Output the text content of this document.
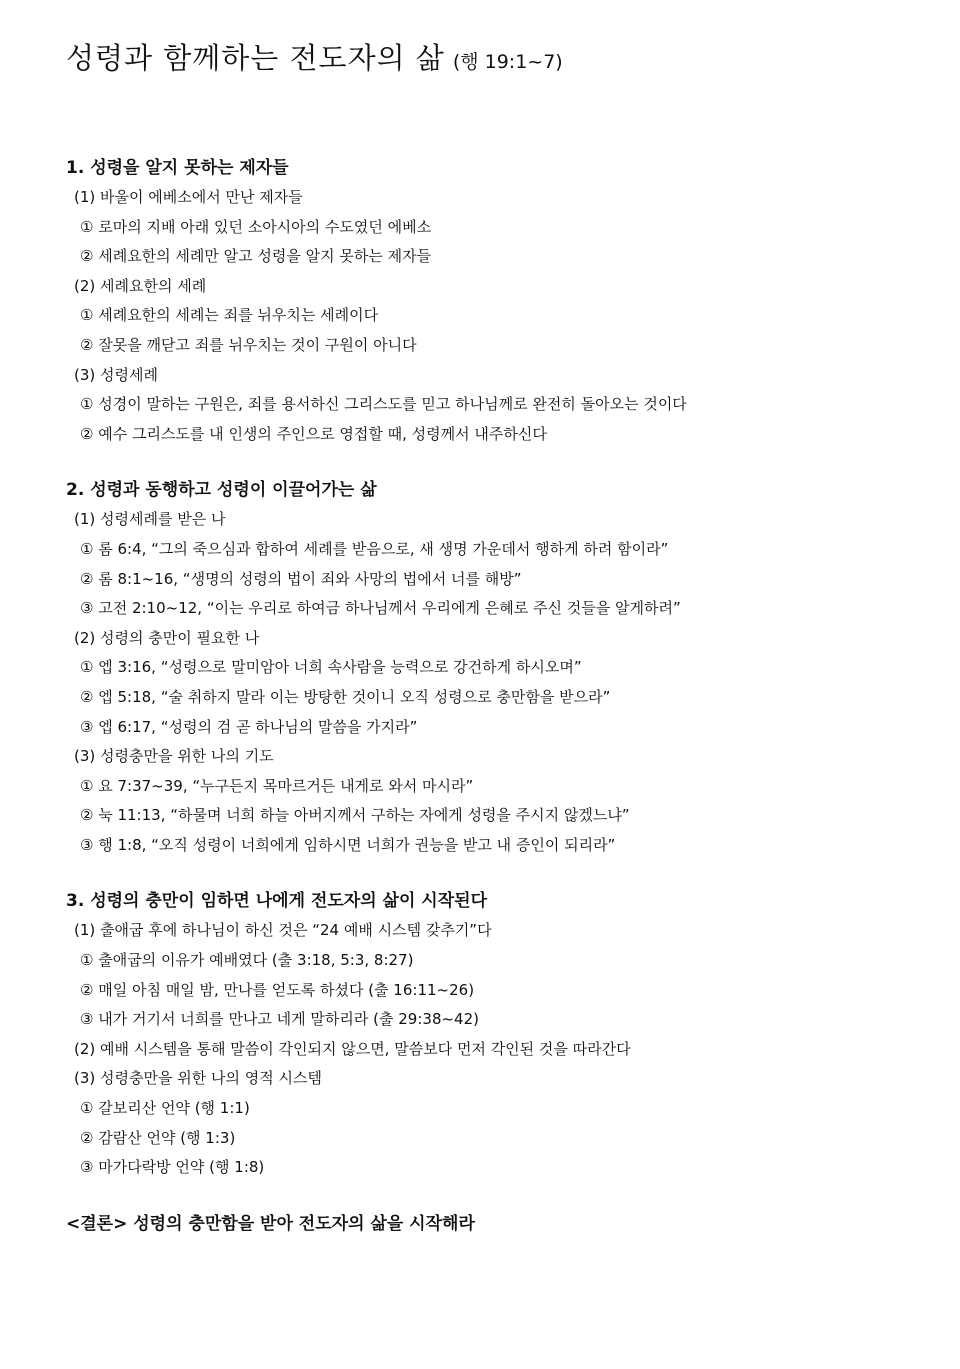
성령과 함께하는 전도자의 삶 (행 19:1~7)
1. 성령을 알지 못하는 제자들
(1) 바울이 에베소에서 만난 제자들
① 로마의 지배 아래 있던 소아시아의 수도였던 에베소
② 세례요한의 세례만 알고 성령을 알지 못하는 제자들
(2) 세례요한의 세례
① 세례요한의 세례는 죄를 뉘우치는 세례이다
② 잘못을 깨닫고 죄를 뉘우치는 것이 구원이 아니다
(3) 성령세례
① 성경이 말하는 구원은, 죄를 용서하신 그리스도를 믿고 하나님께로 완전히 돌아오는 것이다
② 예수 그리스도를 내 인생의 주인으로 영접할 때, 성령께서 내주하신다
2. 성령과 동행하고 성령이 이끌어가는 삶
(1) 성령세례를 받은 나
① 롬 6:4, “그의 죽으심과 합하여 세례를 받음으로, 새 생명 가운데서 행하게 하려 함이라”
② 롬 8:1~16, “생명의 성령의 법이 죄와 사망의 법에서 너를 해방”
③ 고전 2:10~12, “이는 우리로 하여금 하나님께서 우리에게 은혜로 주신 것들을 알게하려”
(2) 성령의 충만이 필요한 나
① 엡 3:16, “성령으로 말미암아 너희 속사람을 능력으로 강건하게 하시오며”
② 엡 5:18, “술 취하지 말라 이는 방탕한 것이니 오직 성령으로 충만함을 받으라”
③ 엡 6:17, “성령의 검 곧 하나님의 말씀을 가지라”
(3) 성령충만을 위한 나의 기도
① 요 7:37~39, “누구든지 목마르거든 내게로 와서 마시라”
② 눅 11:13, “하물며 너희 하늘 아버지께서 구하는 자에게 성령을 주시지 않겠느냐”
③ 행 1:8, “오직 성령이 너희에게 임하시면 너희가 권능을 받고 내 증인이 되리라”
3. 성령의 충만이 임하면 나에게 전도자의 삶이 시작된다
(1) 출애굽 후에 하나님이 하신 것은 “24 예배 시스템 갖추기”다
① 출애굽의 이유가 예배였다 (출 3:18, 5:3, 8:27)
② 매일 아침 매일 밤, 만나를 얻도록 하셨다 (출 16:11~26)
③ 내가 거기서 너희를 만나고 네게 말하리라 (출 29:38~42)
(2) 예배 시스템을 통해 말씀이 각인되지 않으면, 말씀보다 먼저 각인된 것을 따라간다
(3) 성령충만을 위한 나의 영적 시스템
① 갈보리산 언약 (행 1:1)
② 감람산 언약 (행 1:3)
③ 마가다락방 언약 (행 1:8)
<결론> 성령의 충만함을 받아 전도자의 삶을 시작해라
